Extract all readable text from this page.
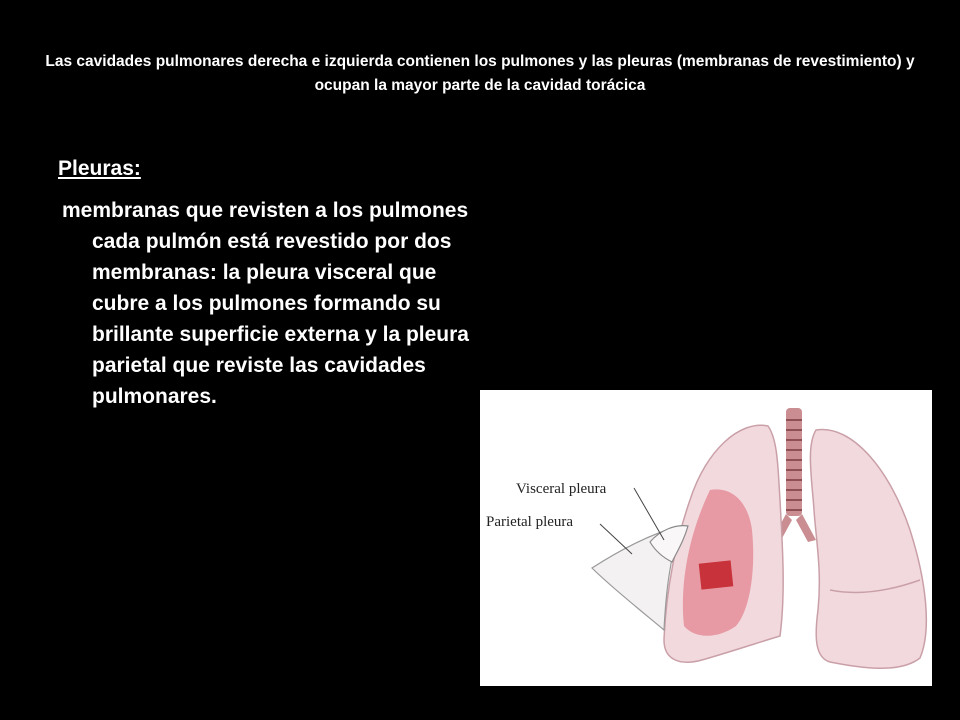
Las cavidades pulmonares derecha e izquierda contienen los pulmones y las pleuras (membranas de revestimiento) y ocupan la mayor parte de la cavidad torácica
Pleuras:
membranas que revisten a los pulmones cada pulmón está revestido por dos membranas: la pleura visceral que cubre a los pulmones formando su brillante superficie externa y la pleura parietal que reviste las cavidades pulmonares.
Visceral pleura
Parietal pleura
